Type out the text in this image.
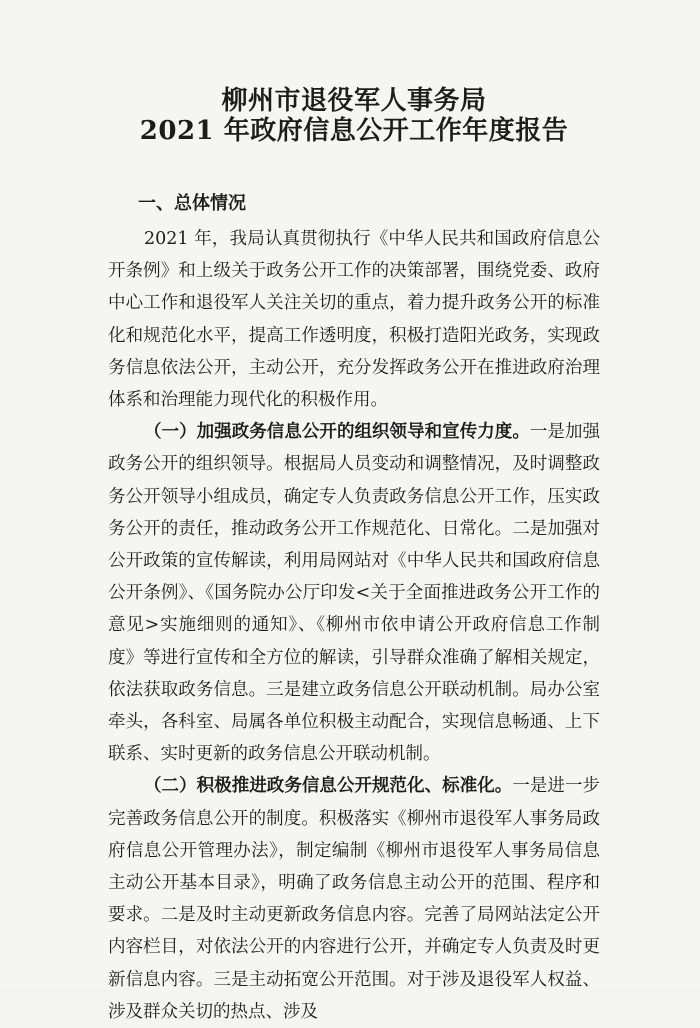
柳州市退役军人事务局
2021 年政府信息公开工作年度报告
一、总体情况

2021 年，我局认真贯彻执行《中华人民共和国政府信息公开条例》和上级关于政务公开工作的决策部署，围绕党委、政府中心工作和退役军人关注关切的重点，着力提升政务公开的标准化和规范化水平，提高工作透明度，积极打造阳光政务，实现政务信息依法公开，主动公开，充分发挥政务公开在推进政府治理体系和治理能力现代化的积极作用。

（一）加强政务信息公开的组织领导和宣传力度。一是加强政务公开的组织领导。根据局人员变动和调整情况，及时调整政务公开领导小组成员，确定专人负责政务信息公开工作，压实政务公开的责任，推动政务公开工作规范化、日常化。二是加强对公开政策的宣传解读，利用局网站对《中华人民共和国政府信息公开条例》、《国务院办公厅印发<关于全面推进政务公开工作的意见>实施细则的通知》、《柳州市依申请公开政府信息工作制度》等进行宣传和全方位的解读，引导群众准确了解相关规定，依法获取政务信息。三是建立政务信息公开联动机制。局办公室牵头，各科室、局属各单位积极主动配合，实现信息畅通、上下联系、实时更新的政务信息公开联动机制。

（二）积极推进政务信息公开规范化、标准化。一是进一步完善政务信息公开的制度。积极落实《柳州市退役军人事务局政府信息公开管理办法》，制定编制《柳州市退役军人事务局信息主动公开基本目录》，明确了政务信息主动公开的范围、程序和要求。二是及时主动更新政务信息内容。完善了局网站法定公开内容栏目，对依法公开的内容进行公开，并确定专人负责及时更新信息内容。三是主动拓宽公开范围。对于涉及退役军人权益、涉及群众关切的热点、涉及
